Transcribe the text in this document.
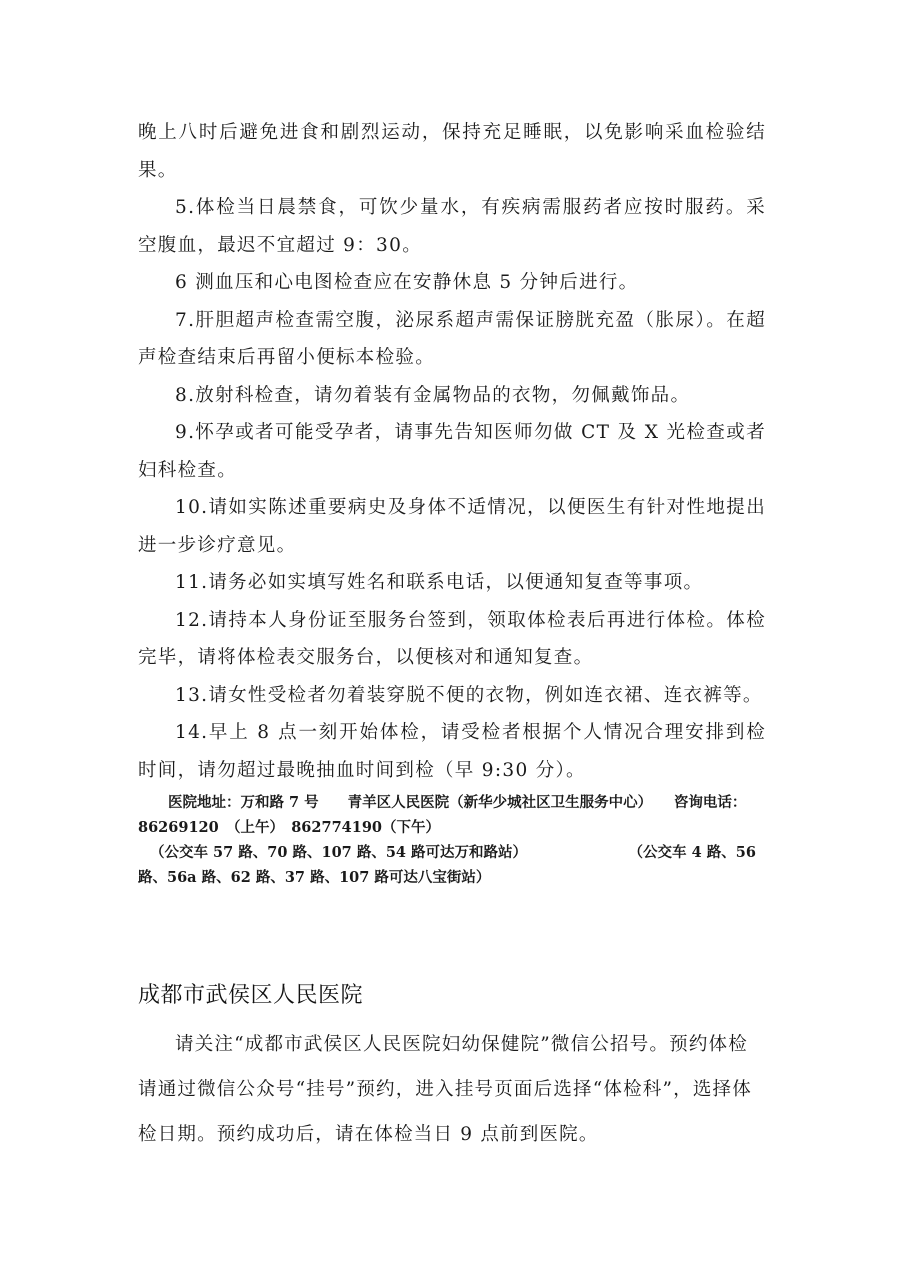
晚上八时后避免进食和剧烈运动，保持充足睡眠，以免影响采血检验结果。

5.体检当日晨禁食，可饮少量水，有疾病需服药者应按时服药。采空腹血，最迟不宜超过 9：30。

6 测血压和心电图检查应在安静休息 5 分钟后进行。

7.肝胆超声检查需空腹，泌尿系超声需保证膀胱充盈（胀尿）。在超声检查结束后再留小便标本检验。

8.放射科检查，请勿着装有金属物品的衣物，勿佩戴饰品。

9.怀孕或者可能受孕者，请事先告知医师勿做 CT 及 X 光检查或者妇科检查。

10.请如实陈述重要病史及身体不适情况，以便医生有针对性地提出进一步诊疗意见。

11.请务必如实填写姓名和联系电话，以便通知复查等事项。

12.请持本人身份证至服务台签到，领取体检表后再进行体检。体检完毕，请将体检表交服务台，以便核对和通知复查。

13.请女性受检者勿着装穿脱不便的衣物，例如连衣裙、连衣裤等。

14.早上 8 点一刻开始体检，请受检者根据个人情况合理安排到检时间，请勿超过最晚抽血时间到检（早 9:30 分）。

医院地址：万和路 7 号　　青羊区人民医院（新华少城社区卫生服务中心）　　咨询电话：86269120　（上午）　862774190（下午）

（公交车 57 路、70 路、107 路、54 路可达万和路站）　　　　　　　　（公交车 4 路、56 路、56a 路、62 路、37 路、107 路可达八宝街站）

成都市武侯区人民医院

请关注“成都市武侯区人民医院妇幼保健院”微信公招号。预约体检请通过微信公众号“挂号”预约，进入挂号页面后选择“体检科”，选择体检日期。预约成功后，请在体检当日 9 点前到医院。
